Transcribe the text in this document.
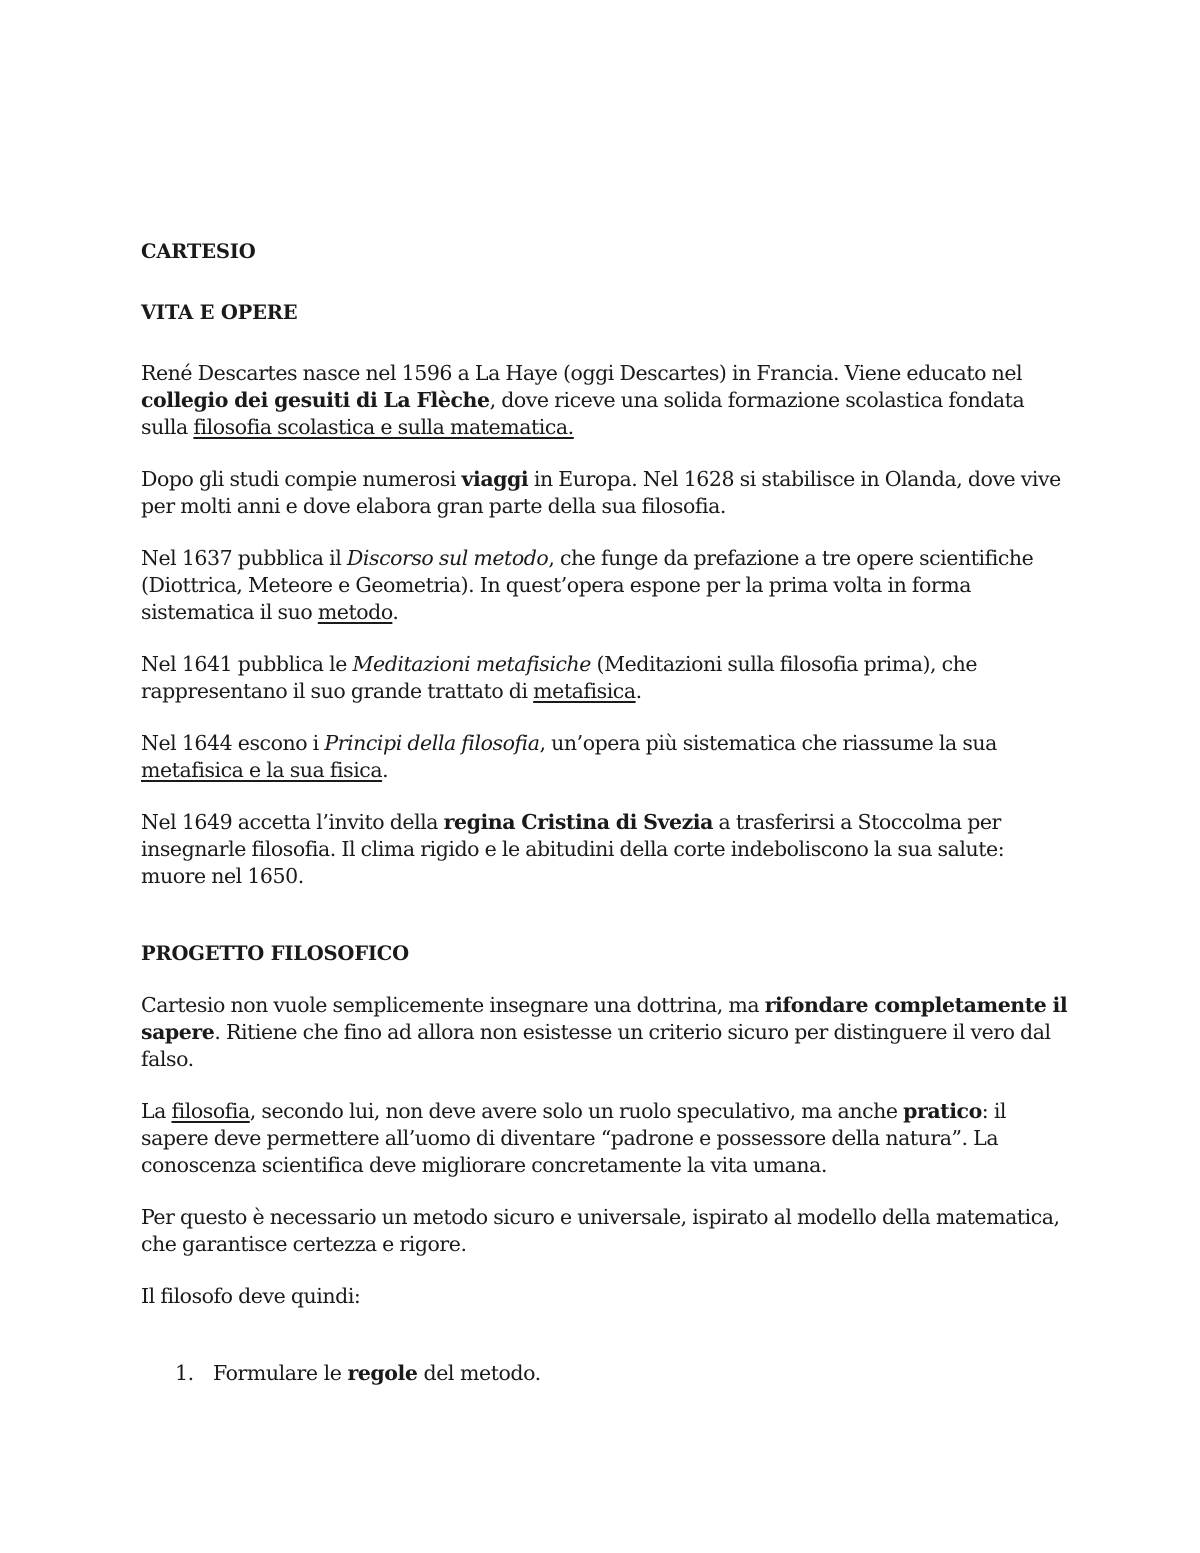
CARTESIO
VITA E OPERE

René Descartes nasce nel 1596 a La Haye (oggi Descartes) in Francia. Viene educato nel collegio dei gesuiti di La Flèche, dove riceve una solida formazione scolastica fondata sulla filosofia scolastica e sulla matematica.

Dopo gli studi compie numerosi viaggi in Europa. Nel 1628 si stabilisce in Olanda, dove vive per molti anni e dove elabora gran parte della sua filosofia.

Nel 1637 pubblica il Discorso sul metodo, che funge da prefazione a tre opere scientifiche (Diottrica, Meteore e Geometria). In quest’opera espone per la prima volta in forma sistematica il suo metodo.

Nel 1641 pubblica le Meditazioni metafisiche (Meditazioni sulla filosofia prima), che rappresentano il suo grande trattato di metafisica.

Nel 1644 escono i Principi della filosofia, un’opera più sistematica che riassume la sua metafisica e la sua fisica.

Nel 1649 accetta l’invito della regina Cristina di Svezia a trasferirsi a Stoccolma per insegnarle filosofia. Il clima rigido e le abitudini della corte indeboliscono la sua salute: muore nel 1650.

PROGETTO FILOSOFICO

Cartesio non vuole semplicemente insegnare una dottrina, ma rifondare completamente il sapere. Ritiene che fino ad allora non esistesse un criterio sicuro per distinguere il vero dal falso.

La filosofia, secondo lui, non deve avere solo un ruolo speculativo, ma anche pratico: il sapere deve permettere all’uomo di diventare “padrone e possessore della natura”. La conoscenza scientifica deve migliorare concretamente la vita umana.

Per questo è necessario un metodo sicuro e universale, ispirato al modello della matematica, che garantisce certezza e rigore.

Il filosofo deve quindi:

1. Formulare le regole del metodo.
